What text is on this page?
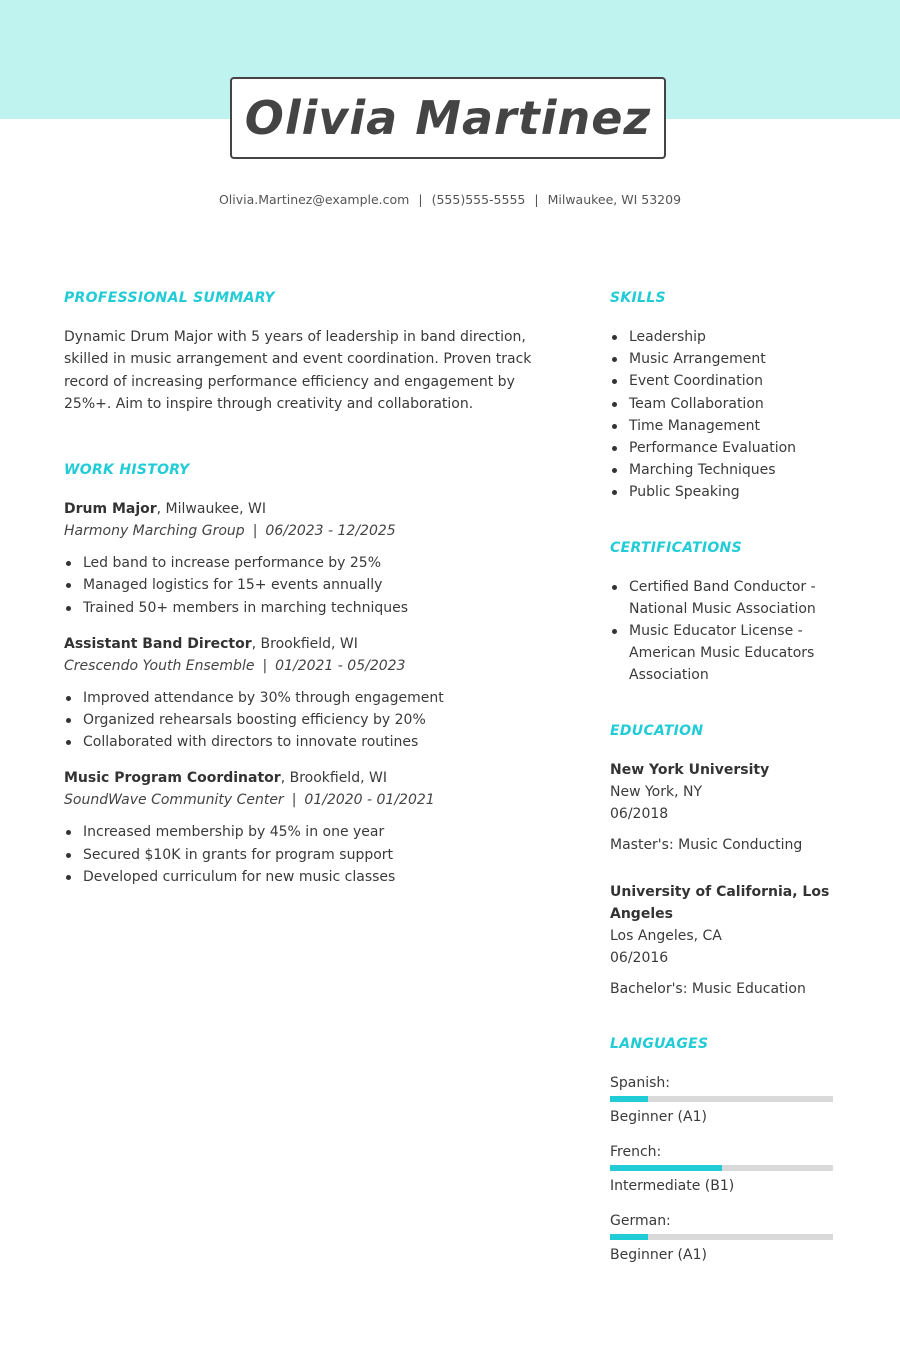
Olivia Martinez
Olivia.Martinez@example.com | (555)555-5555 | Milwaukee, WI 53209
PROFESSIONAL SUMMARY

Dynamic Drum Major with 5 years of leadership in band direction, skilled in music arrangement and event coordination. Proven track record of increasing performance efficiency and engagement by 25%+. Aim to inspire through creativity and collaboration.

WORK HISTORY
Drum Major, Milwaukee, WI
Harmony Marching Group | 06/2023 - 12/2025
Led band to increase performance by 25%
Managed logistics for 15+ events annually
Trained 50+ members in marching techniques
Assistant Band Director, Brookfield, WI
Crescendo Youth Ensemble | 01/2021 - 05/2023
Improved attendance by 30% through engagement
Organized rehearsals boosting efficiency by 20%
Collaborated with directors to innovate routines
Music Program Coordinator, Brookfield, WI
SoundWave Community Center | 01/2020 - 01/2021
Increased membership by 45% in one year
Secured $10K in grants for program support
Developed curriculum for new music classes
SKILLS
Leadership
Music Arrangement
Event Coordination
Team Collaboration
Time Management
Performance Evaluation
Marching Techniques
Public Speaking
CERTIFICATIONS
Certified Band Conductor - National Music Association
Music Educator License - American Music Educators Association
EDUCATION
New York University
New York, NY
06/2018
Master's: Music Conducting
University of California, Los Angeles
Los Angeles, CA
06/2016
Bachelor's: Music Education
LANGUAGES
Spanish:
Beginner (A1)
French:
Intermediate (B1)
German:
Beginner (A1)
